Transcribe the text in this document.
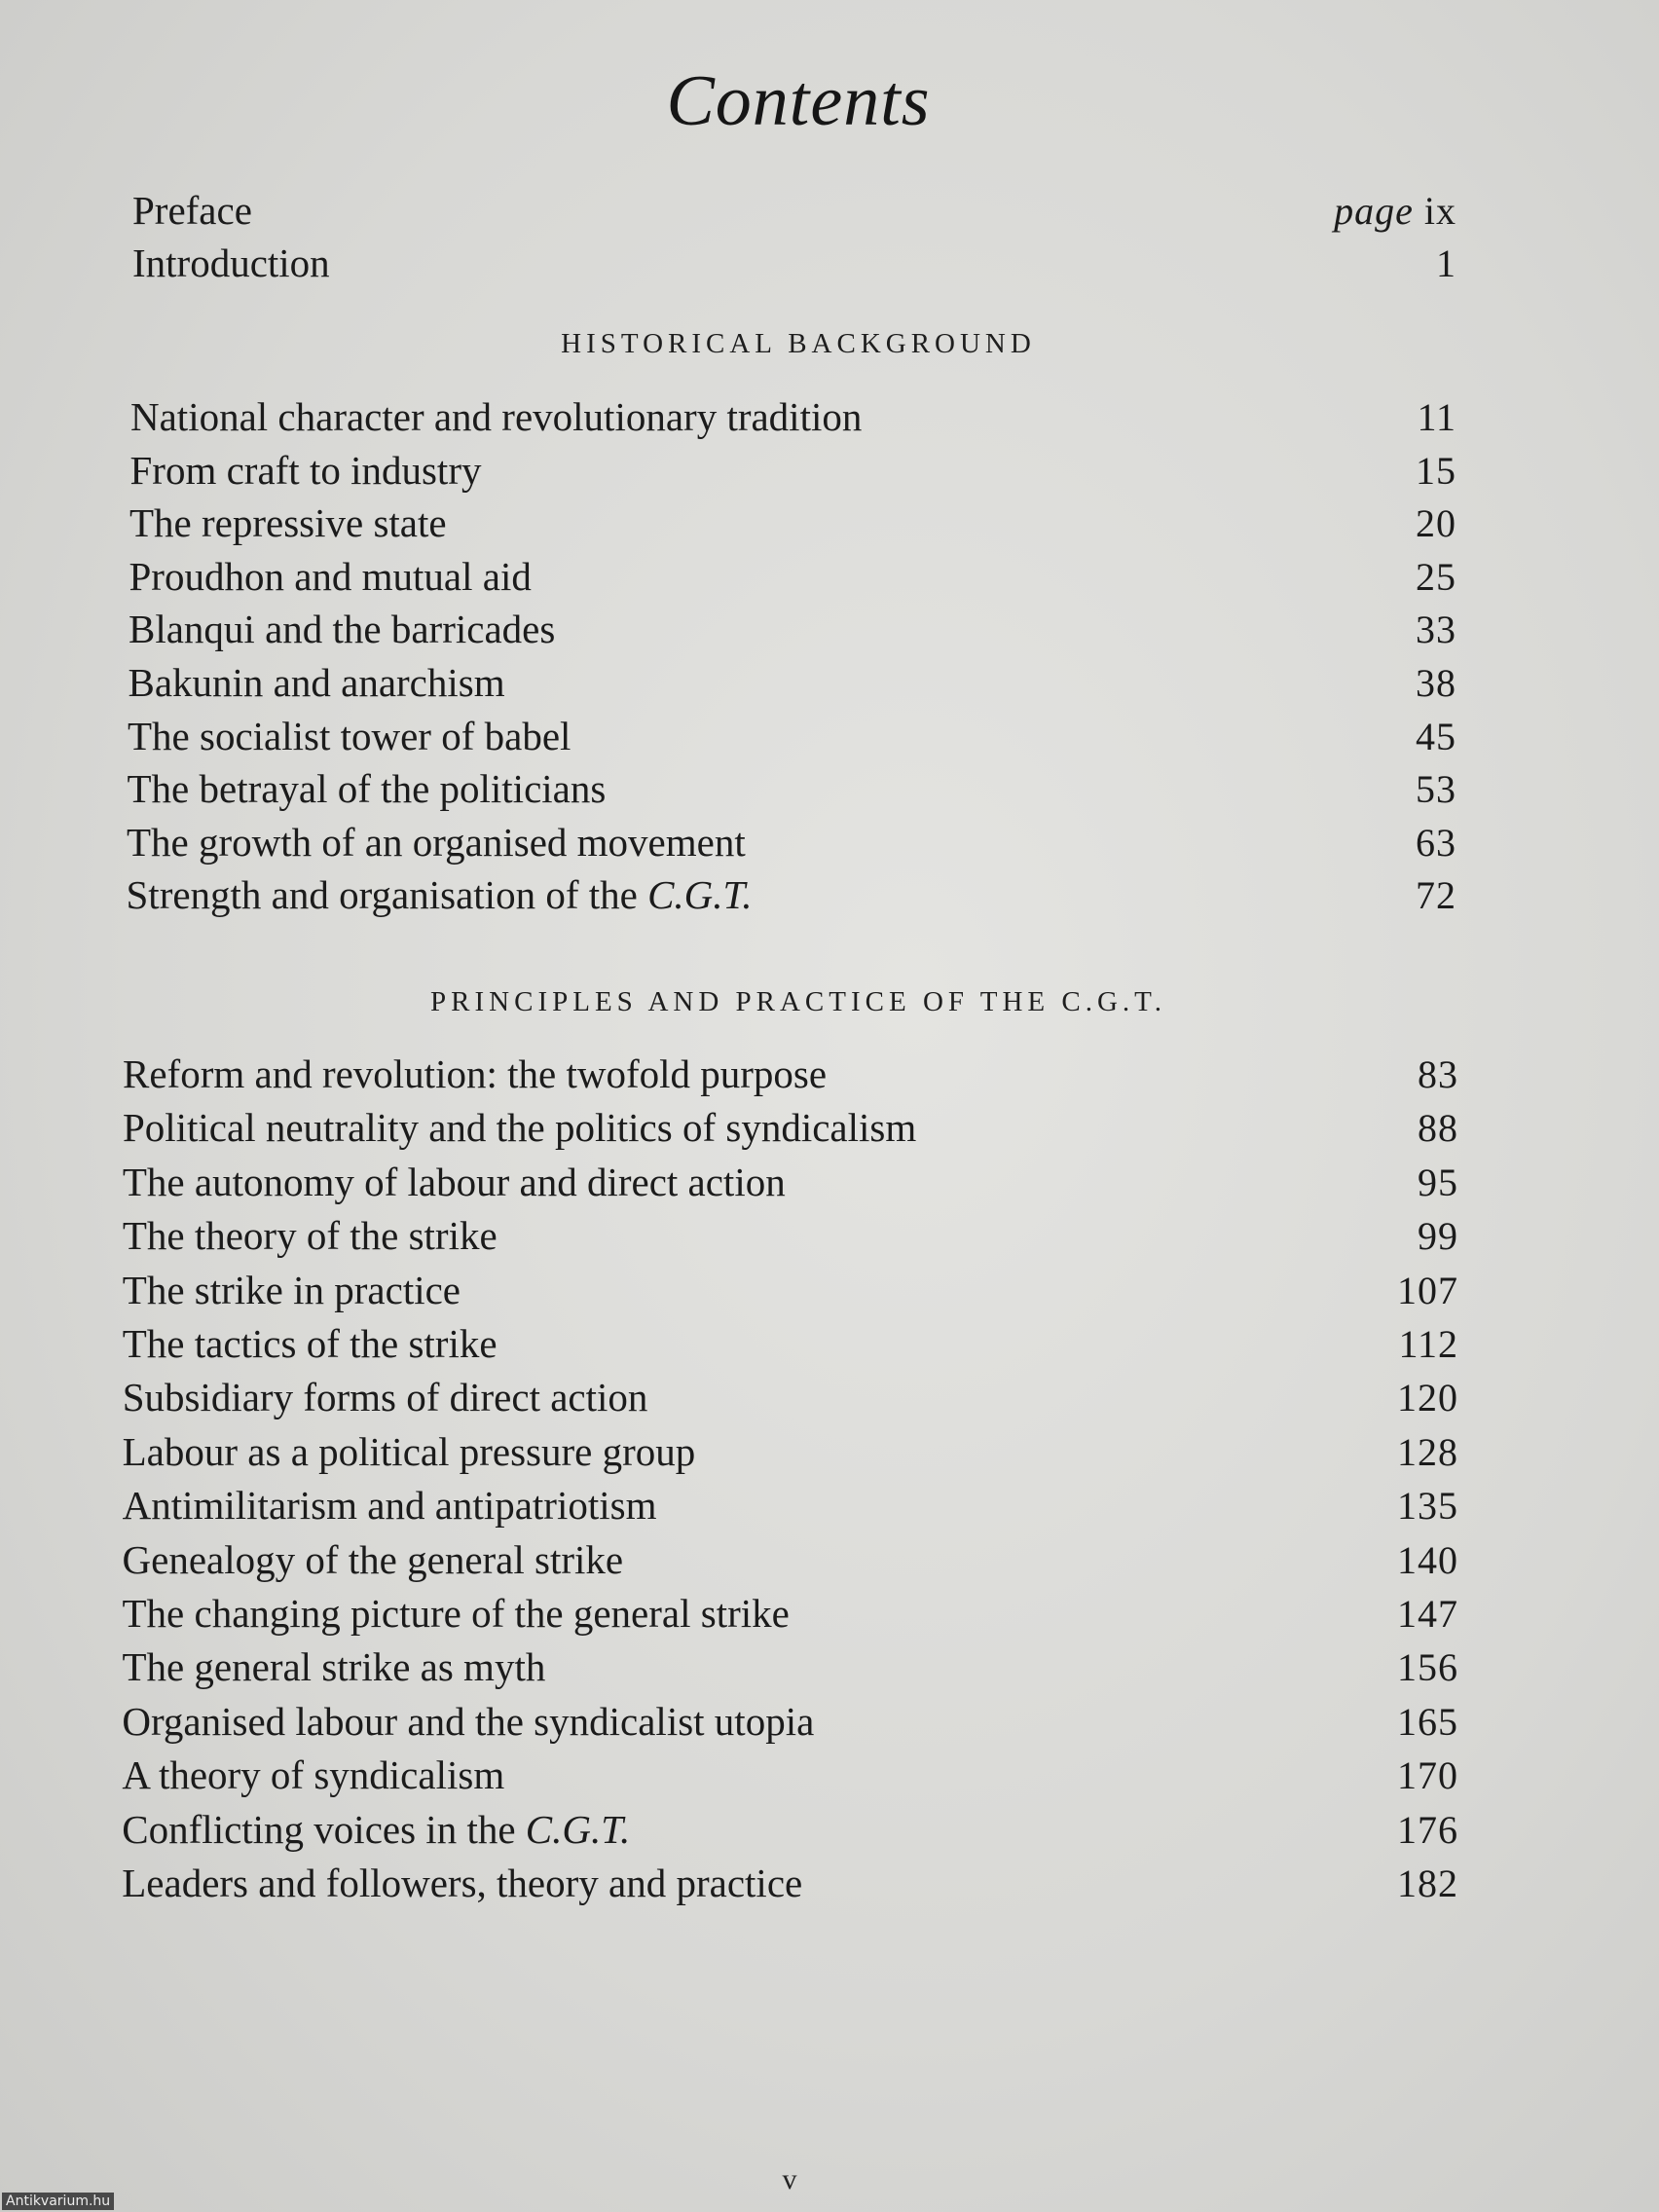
Contents
Preface	page ix
Introduction	1
HISTORICAL BACKGROUND
National character and revolutionary tradition	11
From craft to industry	15
The repressive state	20
Proudhon and mutual aid	25
Blanqui and the barricades	33
Bakunin and anarchism	38
The socialist tower of babel	45
The betrayal of the politicians	53
The growth of an organised movement	63
Strength and organisation of the C.G.T.	72
PRINCIPLES AND PRACTICE OF THE C.G.T.
Reform and revolution: the twofold purpose	83
Political neutrality and the politics of syndicalism	88
The autonomy of labour and direct action	95
The theory of the strike	99
The strike in practice	107
The tactics of the strike	112
Subsidiary forms of direct action	120
Labour as a political pressure group	128
Antimilitarism and antipatriotism	135
Genealogy of the general strike	140
The changing picture of the general strike	147
The general strike as myth	156
Organised labour and the syndicalist utopia	165
A theory of syndicalism	170
Conflicting voices in the C.G.T.	176
Leaders and followers, theory and practice	182
v
Antikvarium.hu
